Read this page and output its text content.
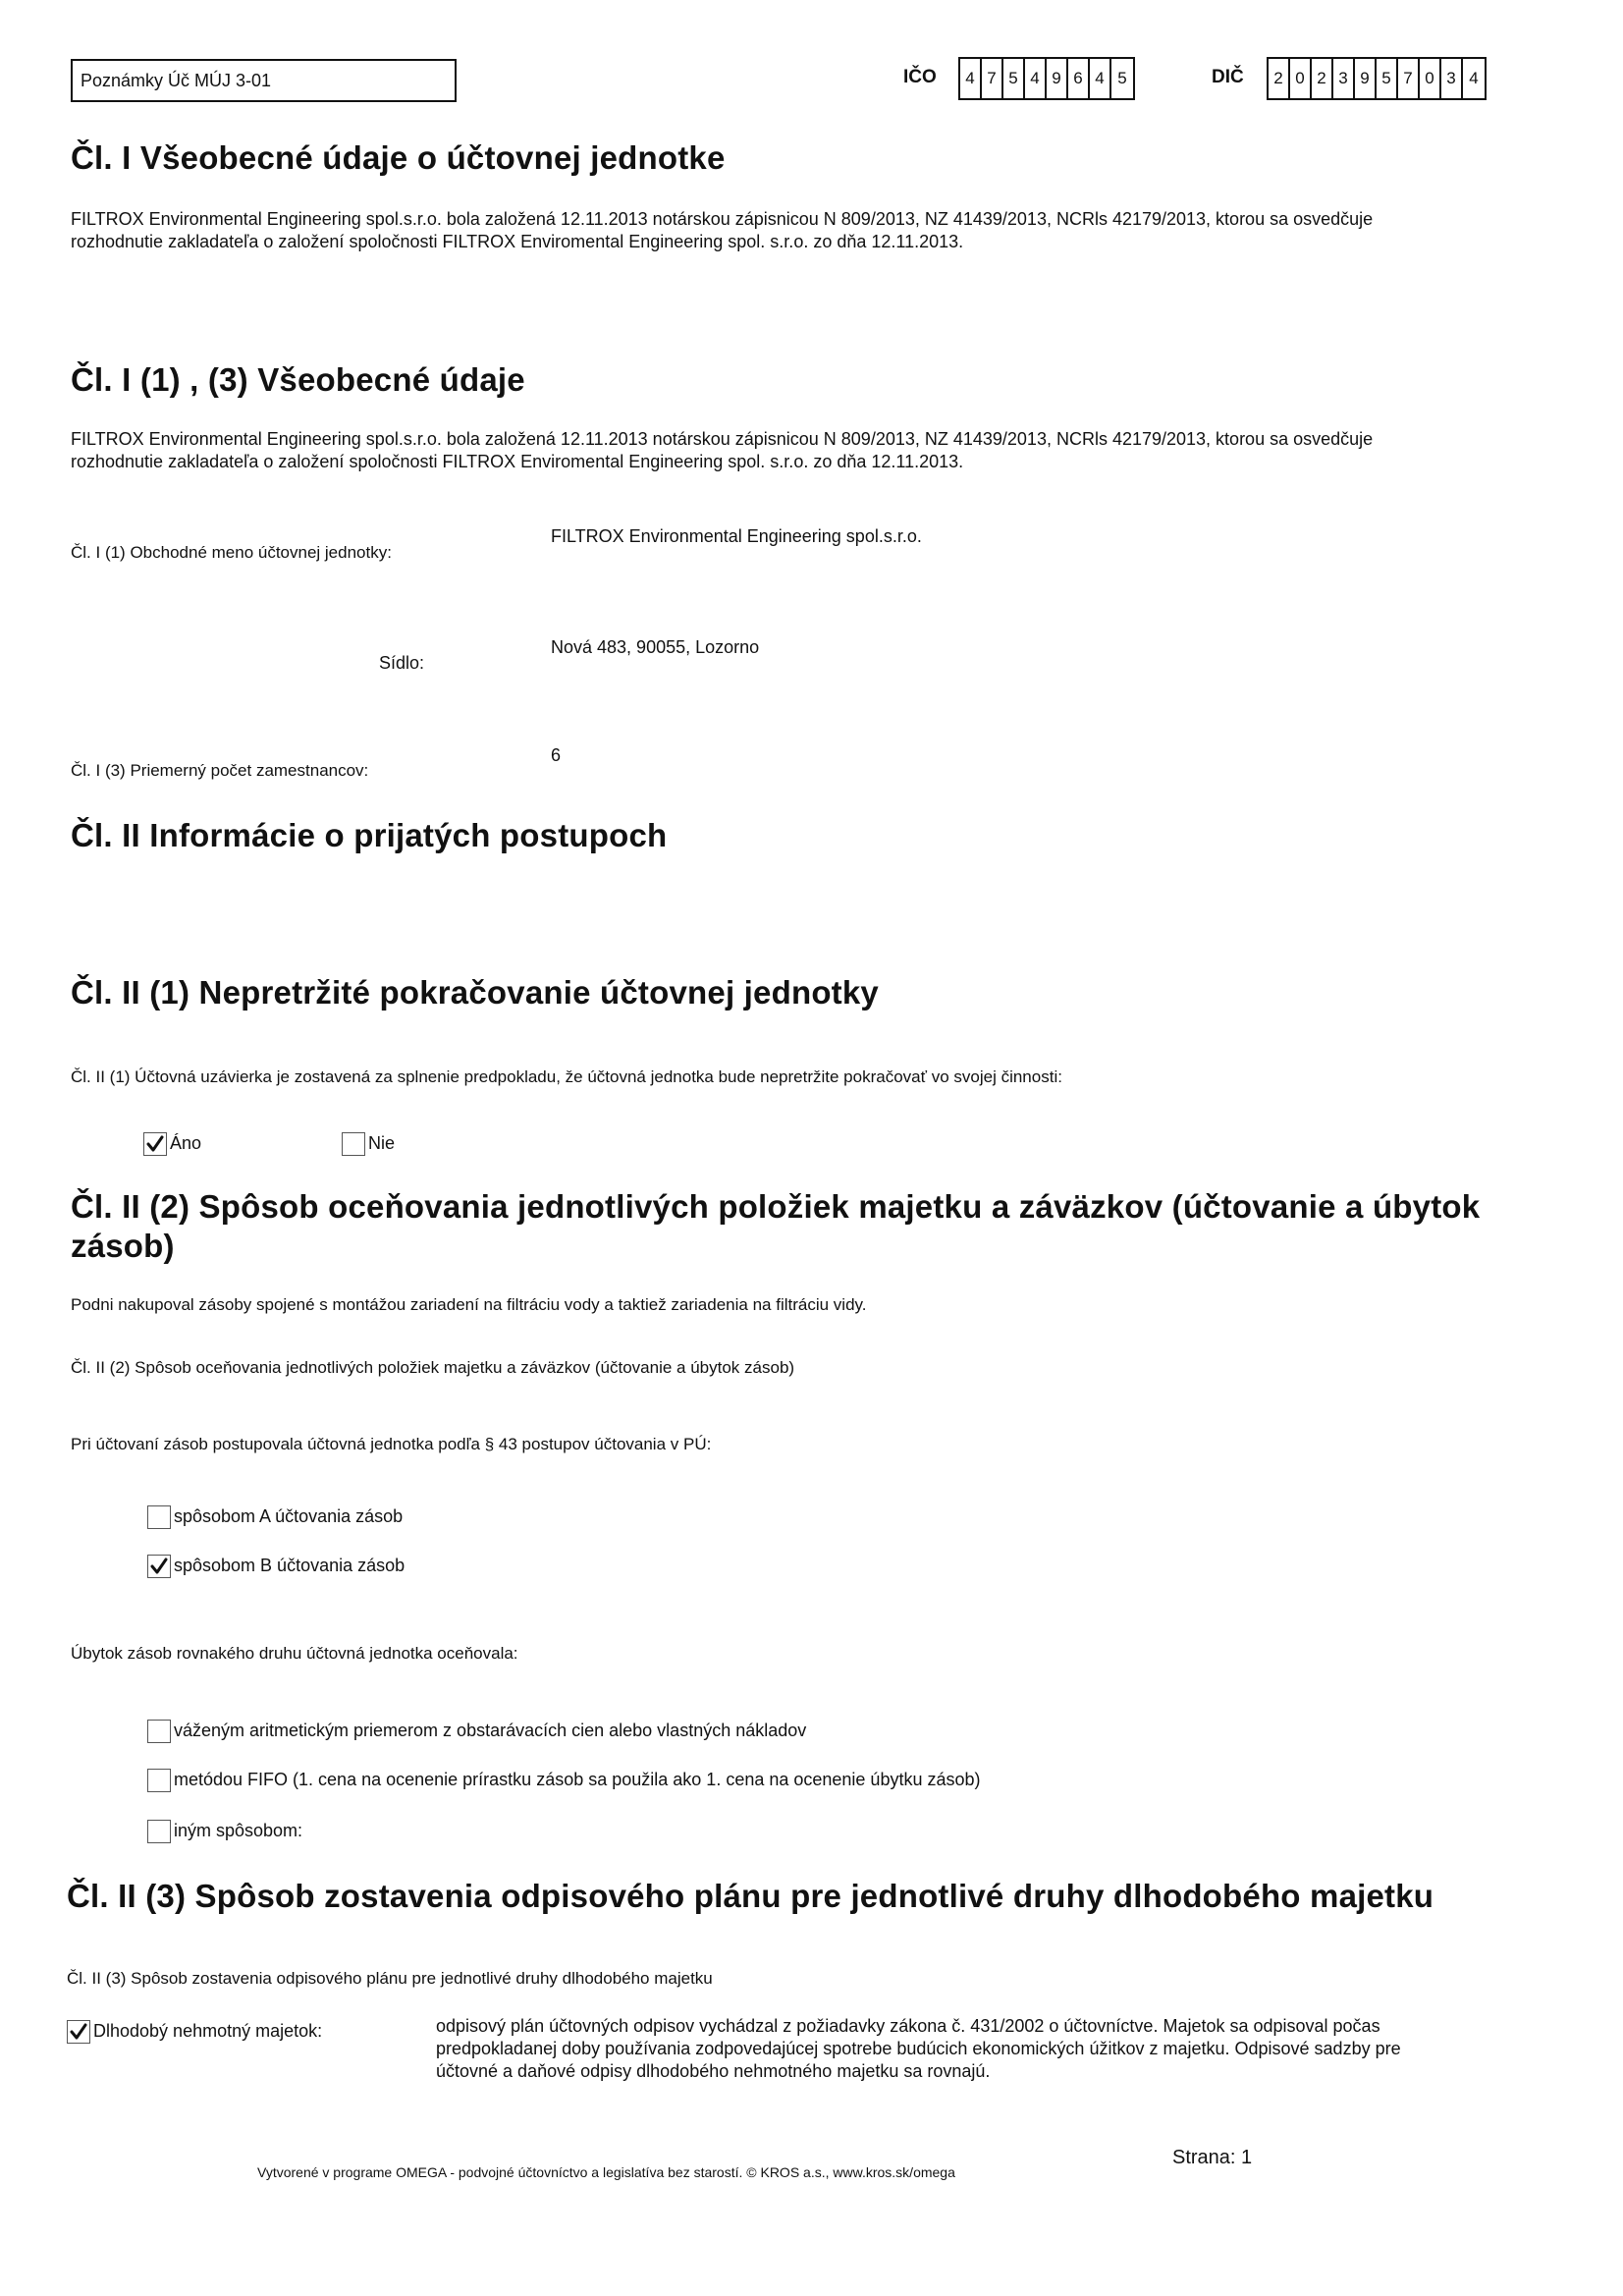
Poznámky Úč MÚJ 3-01	IČO	4 7 5 4 9 6 4 5	DIČ	2 0 2 3 9 5 7 0 3 4
Čl. I Všeobecné údaje o účtovnej jednotke
FILTROX Environmental Engineering spol.s.r.o. bola založená 12.11.2013 notárskou zápisnicou N 809/2013, NZ 41439/2013, NCRls 42179/2013, ktorou sa osvedčuje
rozhodnutie zakladateľa o založení spoločnosti FILTROX Enviromental Engineering spol. s.r.o. zo dňa 12.11.2013.
Čl. I (1) , (3) Všeobecné údaje
FILTROX Environmental Engineering spol.s.r.o. bola založená 12.11.2013 notárskou zápisnicou N 809/2013, NZ 41439/2013, NCRls 42179/2013, ktorou sa osvedčuje
rozhodnutie zakladateľa o založení spoločnosti FILTROX Enviromental Engineering spol. s.r.o. zo dňa 12.11.2013.
Čl. I (1) Obchodné meno účtovnej jednotky:
FILTROX Environmental Engineering spol.s.r.o.
Sídlo:
Nová 483, 90055, Lozorno
Čl. I (3) Priemerný počet zamestnancov:
6
Čl. II Informácie o prijatých postupoch
Čl. II (1) Nepretržité pokračovanie účtovnej jednotky
Čl. II (1) Účtovná uzávierka je zostavená za splnenie predpokladu, že účtovná jednotka bude nepretržite pokračovať vo svojej činnosti:
Áno	Nie
Čl. II (2) Spôsob oceňovania jednotlivých položiek majetku a záväzkov (účtovanie a úbytok
zásob)
Podni nakupoval zásoby spojené s montážou zariadení na filtráciu vody a taktiež zariadenia na filtráciu vidy.
Čl. II (2) Spôsob oceňovania jednotlivých položiek majetku a záväzkov (účtovanie a úbytok zásob)
Pri účtovaní zásob postupovala účtovná jednotka podľa § 43 postupov účtovania v PÚ:
spôsobom A účtovania zásob
spôsobom B účtovania zásob
Úbytok zásob rovnakého druhu účtovná jednotka oceňovala:
váženým aritmetickým priemerom z obstarávacích cien alebo vlastných nákladov
metódou FIFO (1. cena na ocenenie prírastku zásob sa použila ako 1. cena na ocenenie úbytku zásob)
iným spôsobom:
Čl. II (3) Spôsob zostavenia odpisového plánu pre jednotlivé druhy dlhodobého majetku
Čl. II (3) Spôsob zostavenia odpisového plánu pre jednotlivé druhy dlhodobého majetku
Dlhodobý nehmotný majetok:	odpisový plán účtovných odpisov vychádzal z požiadavky zákona č. 431/2002 o účtovníctve. Majetok sa odpisoval počas
predpokladanej doby používania zodpovedajúcej spotrebe budúcich ekonomických úžitkov z majetku. Odpisové sadzby pre
účtovné a daňové odpisy dlhodobého nehmotného majetku sa rovnajú.
Vytvorené v programe OMEGA - podvojné účtovníctvo a legislatíva bez starostí. © KROS a.s., www.kros.sk/omega
Strana: 1
